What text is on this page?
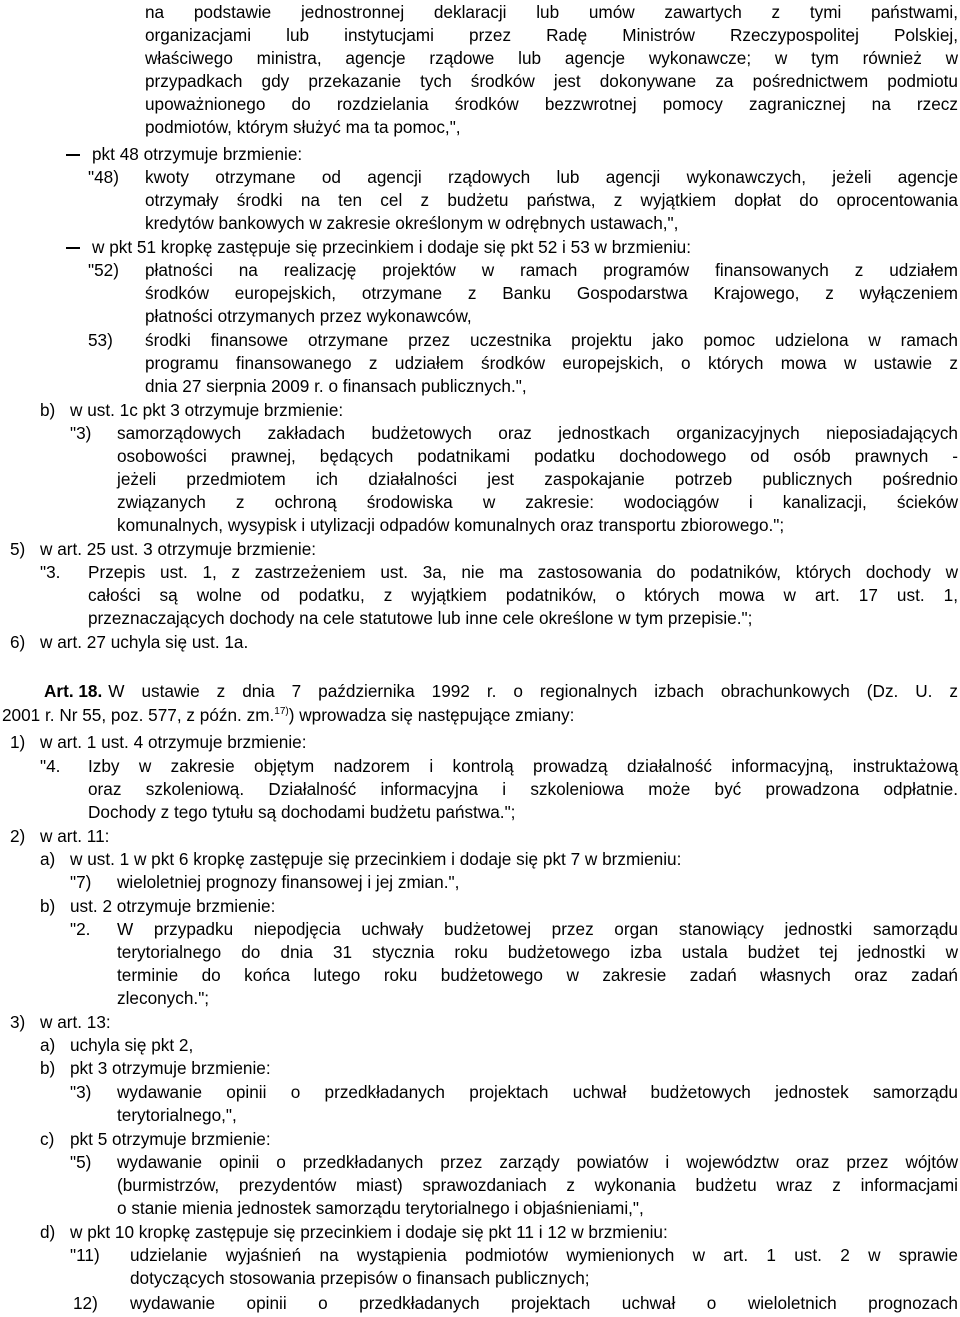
na podstawie jednostronnej deklaracji lub umów zawartych z tymi państwami,
organizacjami lub instytucjami przez Radę Ministrów Rzeczypospolitej Polskiej,
właściwego ministra, agencje rządowe lub agencje wykonawcze; w tym również w
przypadkach gdy przekazanie tych środków jest dokonywane za pośrednictwem podmiotu
upoważnionego do rozdzielania środków bezzwrotnej pomocy zagranicznej na rzecz
podmiotów, którym służyć ma ta pomoc,",
pkt 48 otrzymuje brzmienie:
"48) kwoty otrzymane od agencji rządowych lub agencji wykonawczych, jeżeli agencje
otrzymały środki na ten cel z budżetu państwa, z wyjątkiem dopłat do oprocentowania
kredytów bankowych w zakresie określonym w odrębnych ustawach,",
w pkt 51 kropkę zastępuje się przecinkiem i dodaje się pkt 52 i 53 w brzmieniu:
"52) płatności na realizację projektów w ramach programów finansowanych z udziałem
środków europejskich, otrzymane z Banku Gospodarstwa Krajowego, z wyłączeniem
płatności otrzymanych przez wykonawców,
53) środki finansowe otrzymane przez uczestnika projektu jako pomoc udzielona w ramach
programu finansowanego z udziałem środków europejskich, o których mowa w ustawie z
dnia 27 sierpnia 2009 r. o finansach publicznych.",
b) w ust. 1c pkt 3 otrzymuje brzmienie:
"3) samorządowych zakładach budżetowych oraz jednostkach organizacyjnych nieposiadających
osobowości prawnej, będących podatnikami podatku dochodowego od osób prawnych -
jeżeli przedmiotem ich działalności jest zaspokajanie potrzeb publicznych pośrednio
związanych z ochroną środowiska w zakresie: wodociągów i kanalizacji, ścieków
komunalnych, wysypisk i utylizacji odpadów komunalnych oraz transportu zbiorowego.";
5) w art. 25 ust. 3 otrzymuje brzmienie:
"3. Przepis ust. 1, z zastrzeżeniem ust. 3a, nie ma zastosowania do podatników, których dochody w
całości są wolne od podatku, z wyjątkiem podatników, o których mowa w art. 17 ust. 1,
przeznaczających dochody na cele statutowe lub inne cele określone w tym przepisie.";
6) w art. 27 uchyla się ust. 1a.
Art. 18. W ustawie z dnia 7 października 1992 r. o regionalnych izbach obrachunkowych (Dz. U. z
2001 r. Nr 55, poz. 577, z późn. zm.$^{17)}$) wprowadza się następujące zmiany:
1) w art. 1 ust. 4 otrzymuje brzmienie:
"4. Izby w zakresie objętym nadzorem i kontrolą prowadzą działalność informacyjną, instruktażową
oraz szkoleniową. Działalność informacyjna i szkoleniowa może być prowadzona odpłatnie.
Dochody z tego tytułu są dochodami budżetu państwa.";
2) w art. 11:
a) w ust. 1 w pkt 6 kropkę zastępuje się przecinkiem i dodaje się pkt 7 w brzmieniu:
"7) wieloletniej prognozy finansowej i jej zmian.",
b) ust. 2 otrzymuje brzmienie:
"2. W przypadku niepodjęcia uchwały budżetowej przez organ stanowiący jednostki samorządu
terytorialnego do dnia 31 stycznia roku budżetowego izba ustala budżet tej jednostki w
terminie do końca lutego roku budżetowego w zakresie zadań własnych oraz zadań
zleconych.";
3) w art. 13:
a) uchyla się pkt 2,
b) pkt 3 otrzymuje brzmienie:
"3) wydawanie opinii o przedkładanych projektach uchwał budżetowych jednostek samorządu
terytorialnego,",
c) pkt 5 otrzymuje brzmienie:
"5) wydawanie opinii o przedkładanych przez zarządy powiatów i województw oraz przez wójtów
(burmistrzów, prezydentów miast) sprawozdaniach z wykonania budżetu wraz z informacjami
o stanie mienia jednostek samorządu terytorialnego i objaśnieniami,",
d) w pkt 10 kropkę zastępuje się przecinkiem i dodaje się pkt 11 i 12 w brzmieniu:
"11) udzielanie wyjaśnień na wystąpienia podmiotów wymienionych w art. 1 ust. 2 w sprawie
dotyczących stosowania przepisów o finansach publicznych;
12) wydawanie opinii o przedkładanych projektach uchwał o wieloletnich prognozach
